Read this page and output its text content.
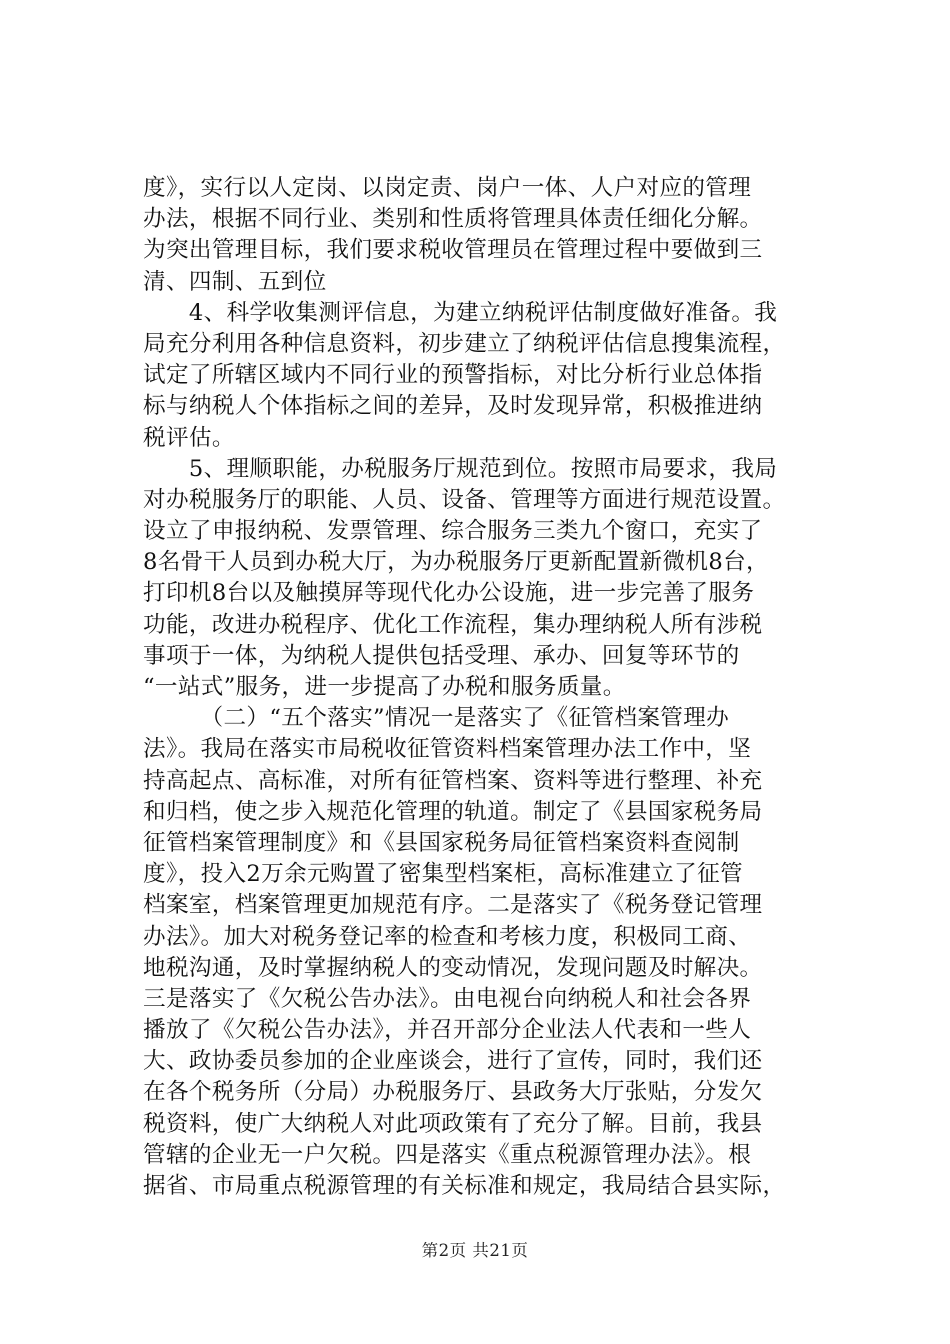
度》，实行以人定岗、以岗定责、岗户一体、人户对应的管理
办法，根据不同行业、类别和性质将管理具体责任细化分解。
为突出管理目标，我们要求税收管理员在管理过程中要做到三
清、四制、五到位
　　4、科学收集测评信息，为建立纳税评估制度做好准备。我
局充分利用各种信息资料，初步建立了纳税评估信息搜集流程，
试定了所辖区域内不同行业的预警指标，对比分析行业总体指
标与纳税人个体指标之间的差异，及时发现异常，积极推进纳
税评估。
　　5、理顺职能，办税服务厅规范到位。按照市局要求，我局
对办税服务厅的职能、人员、设备、管理等方面进行规范设置。
设立了申报纳税、发票管理、综合服务三类九个窗口，充实了
8名骨干人员到办税大厅，为办税服务厅更新配置新微机8台，
打印机8台以及触摸屏等现代化办公设施，进一步完善了服务
功能，改进办税程序、优化工作流程，集办理纳税人所有涉税
事项于一体，为纳税人提供包括受理、承办、回复等环节的
“一站式”服务，进一步提高了办税和服务质量。
　　　（二）“五个落实”情况一是落实了《征管档案管理办
法》。我局在落实市局税收征管资料档案管理办法工作中，坚
持高起点、高标准，对所有征管档案、资料等进行整理、补充
和归档，使之步入规范化管理的轨道。制定了《县国家税务局
征管档案管理制度》和《县国家税务局征管档案资料查阅制
度》，投入2万余元购置了密集型档案柜，高标准建立了征管
档案室，档案管理更加规范有序。二是落实了《税务登记管理
办法》。加大对税务登记率的检查和考核力度，积极同工商、
地税沟通，及时掌握纳税人的变动情况，发现问题及时解决。
三是落实了《欠税公告办法》。由电视台向纳税人和社会各界
播放了《欠税公告办法》，并召开部分企业法人代表和一些人
大、政协委员参加的企业座谈会，进行了宣传，同时，我们还
在各个税务所（分局）办税服务厅、县政务大厅张贴，分发欠
税资料，使广大纳税人对此项政策有了充分了解。目前，我县
管辖的企业无一户欠税。四是落实《重点税源管理办法》。根
据省、市局重点税源管理的有关标准和规定，我局结合县实际，
第2页 共21页
